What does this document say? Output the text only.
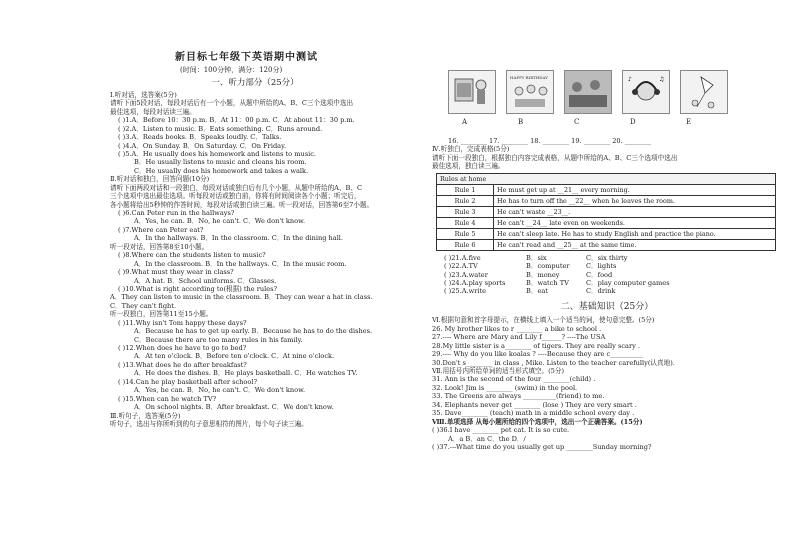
新目标七年级下英语期中测试
(时间：100分钟，满分：120分)
一、听力部分（25分）
Ⅰ.听对话，选答案(5分)
请听下面5段对话，每段对话后有一个小题，从题中所给的A、B、C三个选项中选出
最佳选项，每段对话读三遍。
( )1.A．Before 10：30 p.m. B．At 11：00 p.m. C．At about 11：30 p.m.
( )2.A．Listen to music. B．Eats something. C．Runs around.
( )3.A．Reads books. B．Speaks loudly. C．Talks.
( )4.A．On Sunday. B．On Saturday. C．On Friday.
( )5.A．He usually does his homework and listens to music.
B．He usually listens to music and cleans his room.
C．He usually does his homework and takes a walk.
Ⅱ.听对话和独白，回答问题(10分)
请听下面两段对话和一段独白，每段对话或独白后有几个小题，从题中所给的A、B、C
三个选项中选出最佳选项。听每段对话或独白前，你将有时间阅读各个小题；听完后，
各小题将给出5秒钟的作答时间，每段对话或独白读三遍。听一段对话，回答第6至7小题。
( )6.Can Peter run in the hallways?
A．Yes, he can. B．No, he can't. C．We don't know.
( )7.Where can Peter eat?
A．In the hallways. B．In the classroom. C．In the dining hall.
听一段对话，回答第8至10小题。
( )8.Where can the students listen to music?
A．In the classroom. B．In the hallways. C．In the music room.
( )9.What must they wear in class?
A．A hat. B．School uniforms. C．Glasses.
( )10.What is right according to(根据) the rules?
A．They can listen to music in the classroom. B．They can wear a hat in class.
C．They can't fight.
听一段独白，回答第11至15小题。
( )11.Why isn't Tom happy these days?
A．Because he has to get up early. B．Because he has to do the dishes.
C．Because there are too many rules in his family.
( )12.When does he have to go to bed?
A．At ten o'clock. B．Before ten o'clock. C．At nine o'clock.
( )13.What does he do after breakfast?
A．He does the dishes. B．He plays basketball. C．He watches TV.
( )14.Can he play basketball after school?
A．Yes, he can. B．No, he can't. C．We don't know.
( )15.When can he watch TV?
A．On school nights. B．After breakfast. C．We don't know.
Ⅲ.听句子，选答案(5分)
听句子，选出与你所听到的句子意思相符的图片，每个句子读三遍。
HAPPY BIRTHDAY	♪	♫
A	B	C	D	E
16. ________ 17. ________ 18. ________ 19. ________ 20. ________
Ⅳ.听独白，完成表格(5分)
请听下面一段独白，根据独白内容完成表格，从题中所给的A、B、C三个选项中选出
最佳选项，独白读三遍。
Rules at home	
Rule 1	He must get up at __21__ every morning.
Rule 2	He has to turn off the __22__ when he leaves the room.
Rule 3	He can't waste __23__.
Rule 4	He can't __24__ late even on weekends.
Rule 5	He can't sleep late. He has to study English and practice the piano.
Rule 6	He can't read and __25__ at the same time.
( )21.A.five	B．six	C．six thirty
( )22.A.TV	B．computer C．lights
( )23.A.water	B．money	C．food
( )24.A.play sports	B．watch TV	C．play computer games
( )25.A.write	B．eat	C．drink
二、基础知识（25分）
Ⅵ.根据句意和首字母提示，在横线上填入一个适当的词，使句意完整。(5分)
26. My brother likes to r ________ a bike to school .
27.---- Where are Mary and Lily f______? ----The USA
28.My little sister is a________ of tigers. They are really scary .
29.---- Why do you like koalas ? ----Because they are c__________
30.Don't s________ in class , Mike. Listen to the teacher carefully(认真地).
Ⅶ.用括号内所给单词的适当形式填空。(5分)
31. Ann is the second of the four ________(child) .
32. Look! Jim is ________ (swim) in the pool.
33. The Greens are always __________(friend) to me.
34. Elephants never get ________ (lose ) They are very smart .
35. Dave________ (teach) math in a middle school every day .
Ⅷ.单项选择 从每小题所给的四个选项中，选出一个正确答案。(15分)
( )36.I have ________ pet cat. It is so cute.
A．a B．an C．the D．/
( )37.---What time do you usually get up ________Sunday morning?
